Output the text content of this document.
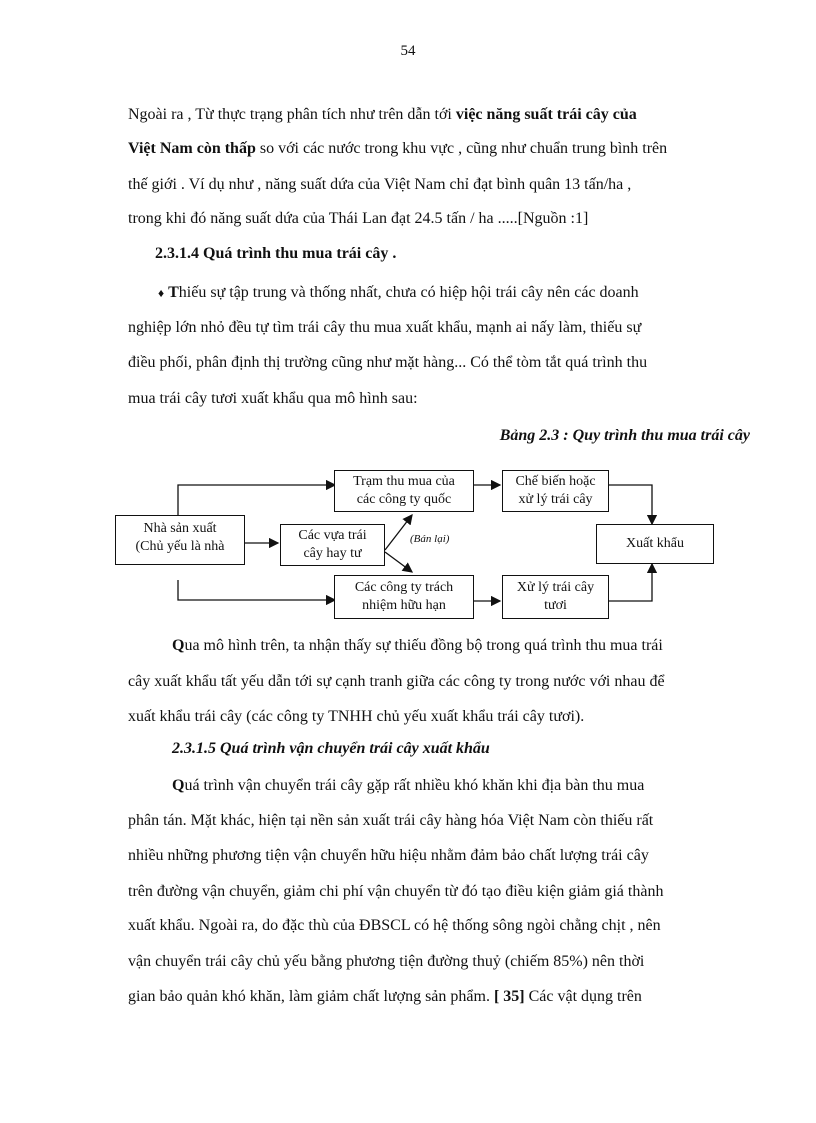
54
Ngoài ra , Từ thực trạng phân tích như trên dẫn tới việc năng suất trái cây của
Việt Nam còn thấp so với các nước trong khu vực , cũng như chuẩn trung bình trên
thế giới . Ví dụ như , năng suất dứa của Việt Nam chỉ đạt bình quân 13 tấn/ha ,
trong khi đó năng suất dứa của Thái Lan đạt 24.5 tấn / ha .....[Nguồn :1]
2.3.1.4 Quá trình thu mua trái cây .
♦ Thiếu sự tập trung và thống nhất, chưa có hiệp hội trái cây nên các doanh
nghiệp lớn nhỏ đều tự tìm trái cây thu mua xuất khẩu, mạnh ai nấy làm, thiếu sự
điều phối, phân định thị trường cũng như mặt hàng... Có thể tòm tắt quá trình thu
mua trái cây tươi xuất khẩu qua mô hình sau:
Bảng 2.3 : Quy trình thu mua trái cây
Nhà sản xuất
(Chủ yếu là nhà
Các vựa trái
cây hay tư
Trạm thu mua của
các công ty quốc
Chế biến hoặc
xử lý trái cây
Xuất khẩu
Các công ty trách
nhiệm hữu hạn
Xử lý trái cây
tươi
(Bán lại)
Qua mô hình trên, ta nhận thấy sự thiếu đồng bộ trong quá trình thu mua trái
cây xuất khẩu tất yếu dẫn tới sự cạnh tranh giữa các công ty trong nước với nhau để
xuất khẩu trái cây (các công ty TNHH chủ yếu xuất khẩu trái cây tươi).
2.3.1.5 Quá trình vận chuyển trái cây xuất khẩu
Quá trình vận chuyển trái cây gặp rất nhiều khó khăn khi địa bàn thu mua
phân tán. Mặt khác, hiện tại nền sản xuất trái cây hàng hóa Việt Nam còn thiếu rất
nhiều những phương tiện vận chuyển hữu hiệu nhằm đảm bảo chất lượng trái cây
trên đường vận chuyển, giảm chi phí vận chuyển từ đó tạo điều kiện giảm giá thành
xuất khẩu. Ngoài ra, do đặc thù của ĐBSCL có hệ thống sông ngòi chằng chịt , nên
vận chuyển trái cây chủ yếu bằng phương tiện đường thuỷ (chiếm 85%) nên thời
gian bảo quản khó khăn, làm giảm chất lượng sản phẩm. [ 35] Các vật dụng trên
